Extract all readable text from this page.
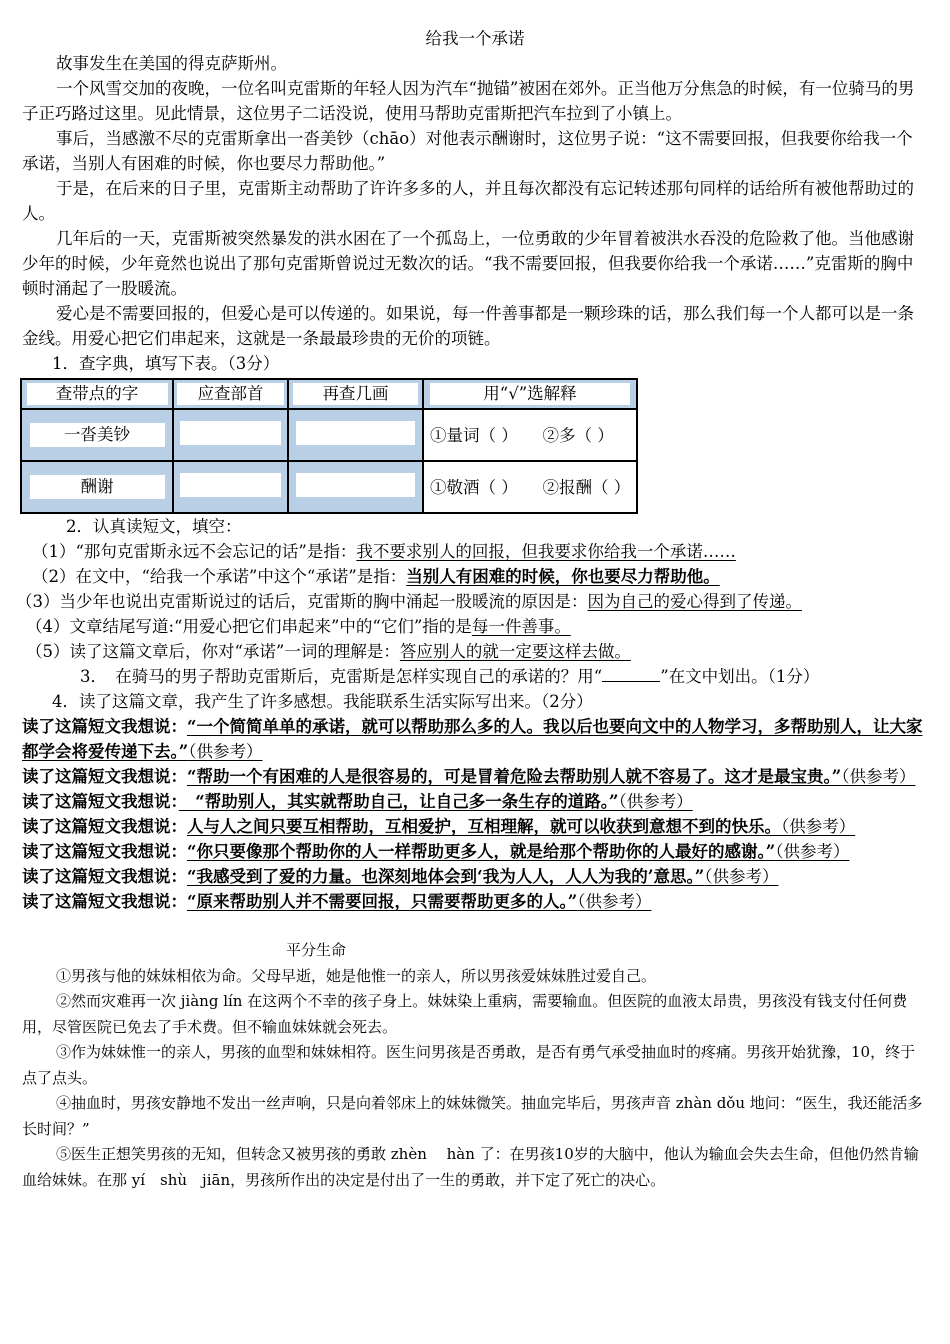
给我一个承诺

故事发生在美国的得克萨斯州。

一个风雪交加的夜晚，一位名叫克雷斯的年轻人因为汽车“抛锚”被困在郊外。正当他万分焦急的时候，有一位骑马的男子正巧路过这里。见此情景，这位男子二话没说，使用马帮助克雷斯把汽车拉到了小镇上。

事后，当感激不尽的克雷斯拿出一沓美钞（chāo）对他表示酬谢时，这位男子说：“这不需要回报，但我要你给我一个承诺，当别人有困难的时候，你也要尽力帮助他。”

于是，在后来的日子里，克雷斯主动帮助了许许多多的人，并且每次都没有忘记转述那句同样的话给所有被他帮助过的人。

几年后的一天，克雷斯被突然暴发的洪水困在了一个孤岛上，一位勇敢的少年冒着被洪水吞没的危险救了他。当他感谢少年的时候，少年竟然也说出了那句克雷斯曾说过无数次的话。“我不需要回报，但我要你给我一个承诺……”克雷斯的胸中顿时涌起了一股暖流。

爱心是不需要回报的，但爱心是可以传递的。如果说，每一件善事都是一颗珍珠的话，那么我们每一个人都可以是一条金线。用爱心把它们串起来，这就是一条最最珍贵的无价的项链。

1．查字典，填写下表。（3分）

查带点的字	应查部首	再查几画	用“√”选解释
一沓美钞			①量词（ ）　　②多（ ）
酬谢			①敬酒（ ）　　②报酬（ ）

2．认真读短文，填空：

（1）“那句克雷斯永远不会忘记的话”是指：我不要求别人的回报，但我要求你给我一个承诺……

（2）在文中，“给我一个承诺”中这个“承诺”是指：当别人有困难的时候，你也要尽力帮助他。

（3）当少年也说出克雷斯说过的话后，克雷斯的胸中涌起一股暖流的原因是：因为自己的爱心得到了传递。

（4）文章结尾写道:“用爱心把它们串起来”中的“它们”指的是每一件善事。

（5）读了这篇文章后，你对“承诺”一词的理解是：答应别人的就一定要这样去做。

3．　在骑马的男子帮助克雷斯后，克雷斯是怎样实现自己的承诺的？用“	”在文中划出。（1分）

4．读了这篇文章，我产生了许多感想。我能联系生活实际写出来。（2分）

读了这篇短文我想说：“一个简简单单的承诺，就可以帮助那么多的人。我以后也要向文中的人物学习，多帮助别人，让大家都学会将爱传递下去。”（供参考）

读了这篇短文我想说：“帮助一个有困难的人是很容易的，可是冒着危险去帮助别人就不容易了。这才是最宝贵。”（供参考）

读了这篇短文我想说：　“帮助别人，其实就帮助自己，让自己多一条生存的道路。”（供参考）

读了这篇短文我想说：人与人之间只要互相帮助，互相爱护，互相理解，就可以收获到意想不到的快乐。（供参考）

读了这篇短文我想说：“你只要像那个帮助你的人一样帮助更多人，就是给那个帮助你的人最好的感谢。”（供参考）

读了这篇短文我想说：“我感受到了爱的力量。也深刻地体会到‘我为人人，人人为我的’意思。”（供参考）

读了这篇短文我想说：“原来帮助别人并不需要回报，只需要帮助更多的人。”（供参考）

平分生命

①男孩与他的妹妹相依为命。父母早逝，她是他惟一的亲人，所以男孩爱妹妹胜过爱自己。

②然而灾难再一次 jiàng lín 在这两个不幸的孩子身上。妹妹染上重病，需要输血。但医院的血液太昂贵，男孩没有钱支付任何费用，尽管医院已免去了手术费。但不输血妹妹就会死去。

③作为妹妹惟一的亲人，男孩的血型和妹妹相符。医生问男孩是否勇敢，是否有勇气承受抽血时的疼痛。男孩开始犹豫，10，终于点了点头。

④抽血时，男孩安静地不发出一丝声响，只是向着邻床上的妹妹微笑。抽血完毕后，男孩声音 zhàn dǒu 地问：“医生，我还能活多长时间？”

⑤医生正想笑男孩的无知，但转念又被男孩的勇敢 zhèn　 hàn 了：在男孩10岁的大脑中，他认为输血会失去生命，但他仍然肯输血给妹妹。在那 yí　shù　jiān，男孩所作出的决定是付出了一生的勇敢，并下定了死亡的决心。
